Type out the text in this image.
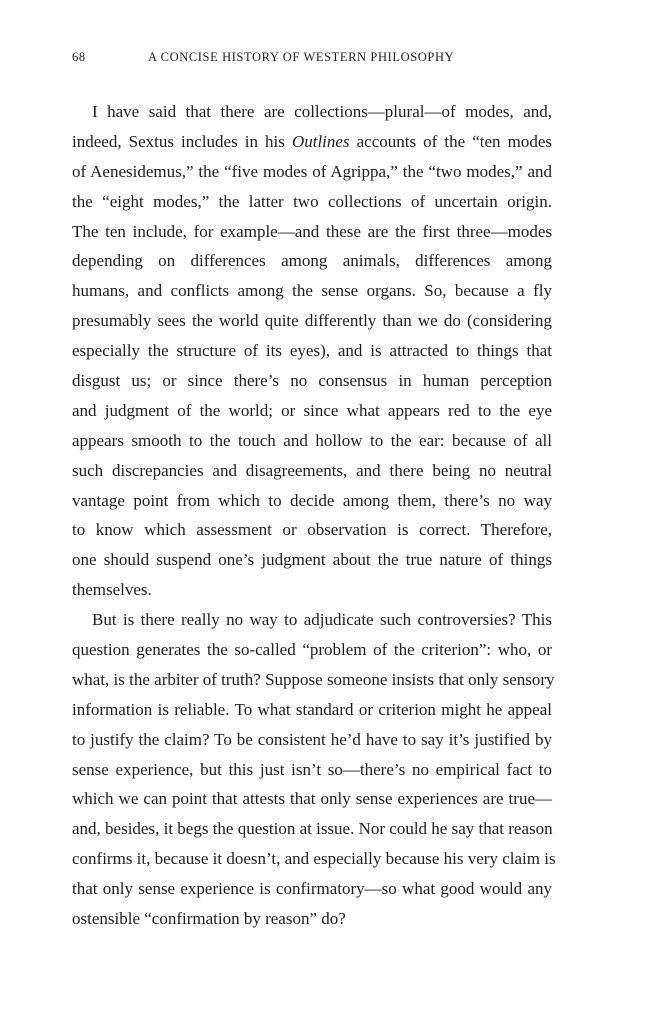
68	A CONCISE HISTORY OF WESTERN PHILOSOPHY
I have said that there are collections—plural—of modes, and,
indeed, Sextus includes in his Outlines accounts of the “ten modes
of Aenesidemus,” the “five modes of Agrippa,” the “two modes,” and
the “eight modes,” the latter two collections of uncertain origin.
The ten include, for example—and these are the first three—modes
depending on differences among animals, differences among
humans, and conflicts among the sense organs. So, because a fly
presumably sees the world quite differently than we do (considering
especially the structure of its eyes), and is attracted to things that
disgust us; or since there’s no consensus in human perception
and judgment of the world; or since what appears red to the eye
appears smooth to the touch and hollow to the ear: because of all
such discrepancies and disagreements, and there being no neutral
vantage point from which to decide among them, there’s no way
to know which assessment or observation is correct. Therefore,
one should suspend one’s judgment about the true nature of things
themselves.
But is there really no way to adjudicate such controversies? This
question generates the so-called “problem of the criterion”: who, or
what, is the arbiter of truth? Suppose someone insists that only sensory
information is reliable. To what standard or criterion might he appeal
to justify the claim? To be consistent he’d have to say it’s justified by
sense experience, but this just isn’t so—there’s no empirical fact to
which we can point that attests that only sense experiences are true—
and, besides, it begs the question at issue. Nor could he say that reason
confirms it, because it doesn’t, and especially because his very claim is
that only sense experience is confirmatory—so what good would any
ostensible “confirmation by reason” do?
